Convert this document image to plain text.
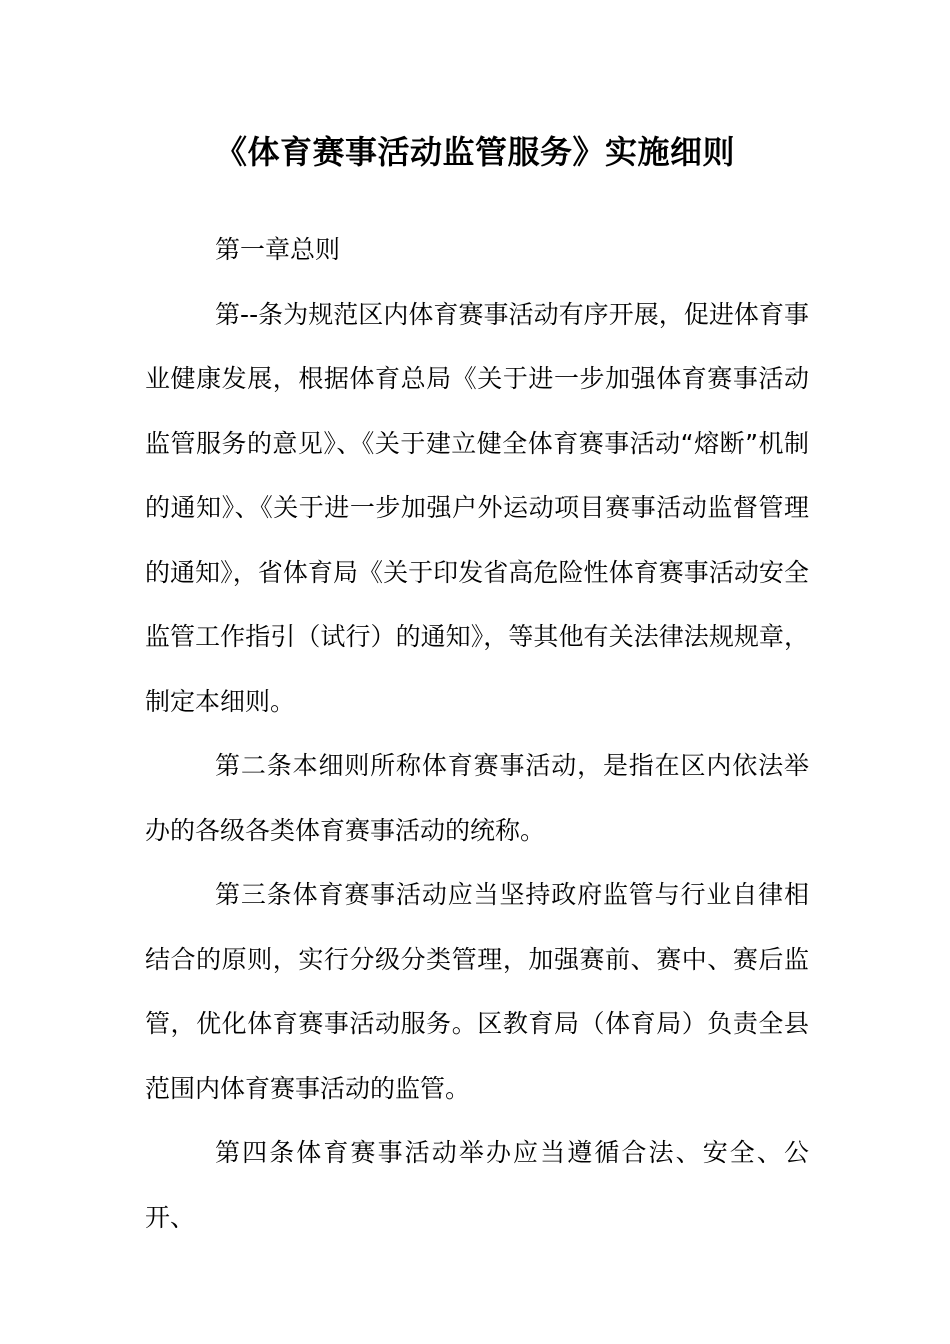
《体育赛事活动监管服务》实施细则

第一章总则

第--条为规范区内体育赛事活动有序开展，促进体育事业健康发展，根据体育总局《关于进一步加强体育赛事活动监管服务的意见》、《关于建立健全体育赛事活动“熔断”机制的通知》、《关于进一步加强户外运动项目赛事活动监督管理的通知》，省体育局《关于印发省高危险性体育赛事活动安全监管工作指引（试行）的通知》，等其他有关法律法规规章，制定本细则。

第二条本细则所称体育赛事活动，是指在区内依法举办的各级各类体育赛事活动的统称。

第三条体育赛事活动应当坚持政府监管与行业自律相结合的原则，实行分级分类管理，加强赛前、赛中、赛后监管，优化体育赛事活动服务。区教育局（体育局）负责全县范围内体育赛事活动的监管。

第四条体育赛事活动举办应当遵循合法、安全、公开、
